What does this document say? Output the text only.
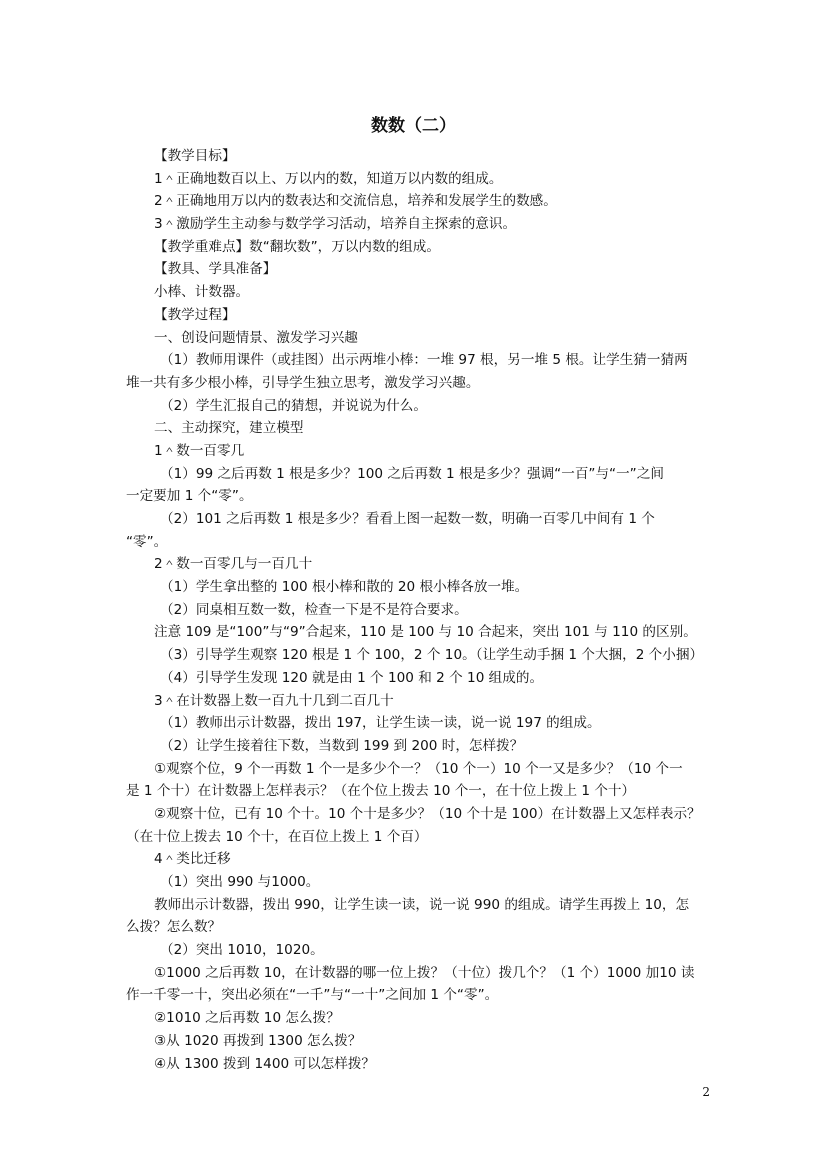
数数（二）
【教学目标】
1＾正确地数百以上、万以内的数，知道万以内数的组成。
2＾正确地用万以内的数表达和交流信息，培养和发展学生的数感。
3＾激励学生主动参与数学学习活动，培养自主探索的意识。
【教学重难点】数“翻坎数”，万以内数的组成。
【教具、学具准备】
小棒、计数器。
【教学过程】
一、创设问题情景、激发学习兴趣
（1）教师用课件（或挂图）出示两堆小棒：一堆 97 根，另一堆 5 根。让学生猜一猜两
堆一共有多少根小棒，引导学生独立思考，激发学习兴趣。
（2）学生汇报自己的猜想，并说说为什么。
二、主动探究，建立模型
1＾数一百零几
（1）99 之后再数 1 根是多少？100 之后再数 1 根是多少？强调“一百”与“一”之间
一定要加 1 个“零”。
（2）101 之后再数 1 根是多少？看看上图一起数一数，明确一百零几中间有 1 个
“零”。
2＾数一百零几与一百几十
（1）学生拿出整的 100 根小棒和散的 20 根小棒各放一堆。
（2）同桌相互数一数，检查一下是不是符合要求。
注意 109 是“100”与“9”合起来，110 是 100 与 10 合起来，突出 101 与 110 的区别。
（3）引导学生观察 120 根是 1 个 100，2 个 10。（让学生动手捆 1 个大捆，2 个小捆）
（4）引导学生发现 120 就是由 1 个 100 和 2 个 10 组成的。
3＾在计数器上数一百九十几到二百几十
（1）教师出示计数器，拨出 197，让学生读一读，说一说 197 的组成。
（2）让学生接着往下数，当数到 199 到 200 时，怎样拨？
①观察个位，9 个一再数 1 个一是多少个一？（10 个一）10 个一又是多少？（10 个一
是 1 个十）在计数器上怎样表示？（在个位上拨去 10 个一，在十位上拨上 1 个十）
②观察十位，已有 10 个十。10 个十是多少？（10 个十是 100）在计数器上又怎样表示？
（在十位上拨去 10 个十，在百位上拨上 1 个百）
4＾类比迁移
（1）突出 990 与1000。
教师出示计数器，拨出 990，让学生读一读，说一说 990 的组成。请学生再拨上 10，怎
么拨？怎么数？
（2）突出 1010，1020。
①1000 之后再数 10，在计数器的哪一位上拨？（十位）拨几个？（1 个）1000 加10 读
作一千零一十，突出必须在“一千”与“一十”之间加 1 个“零”。
②1010 之后再数 10 怎么拨？
③从 1020 再拨到 1300 怎么拨？
④从 1300 拨到 1400 可以怎样拨？
2
